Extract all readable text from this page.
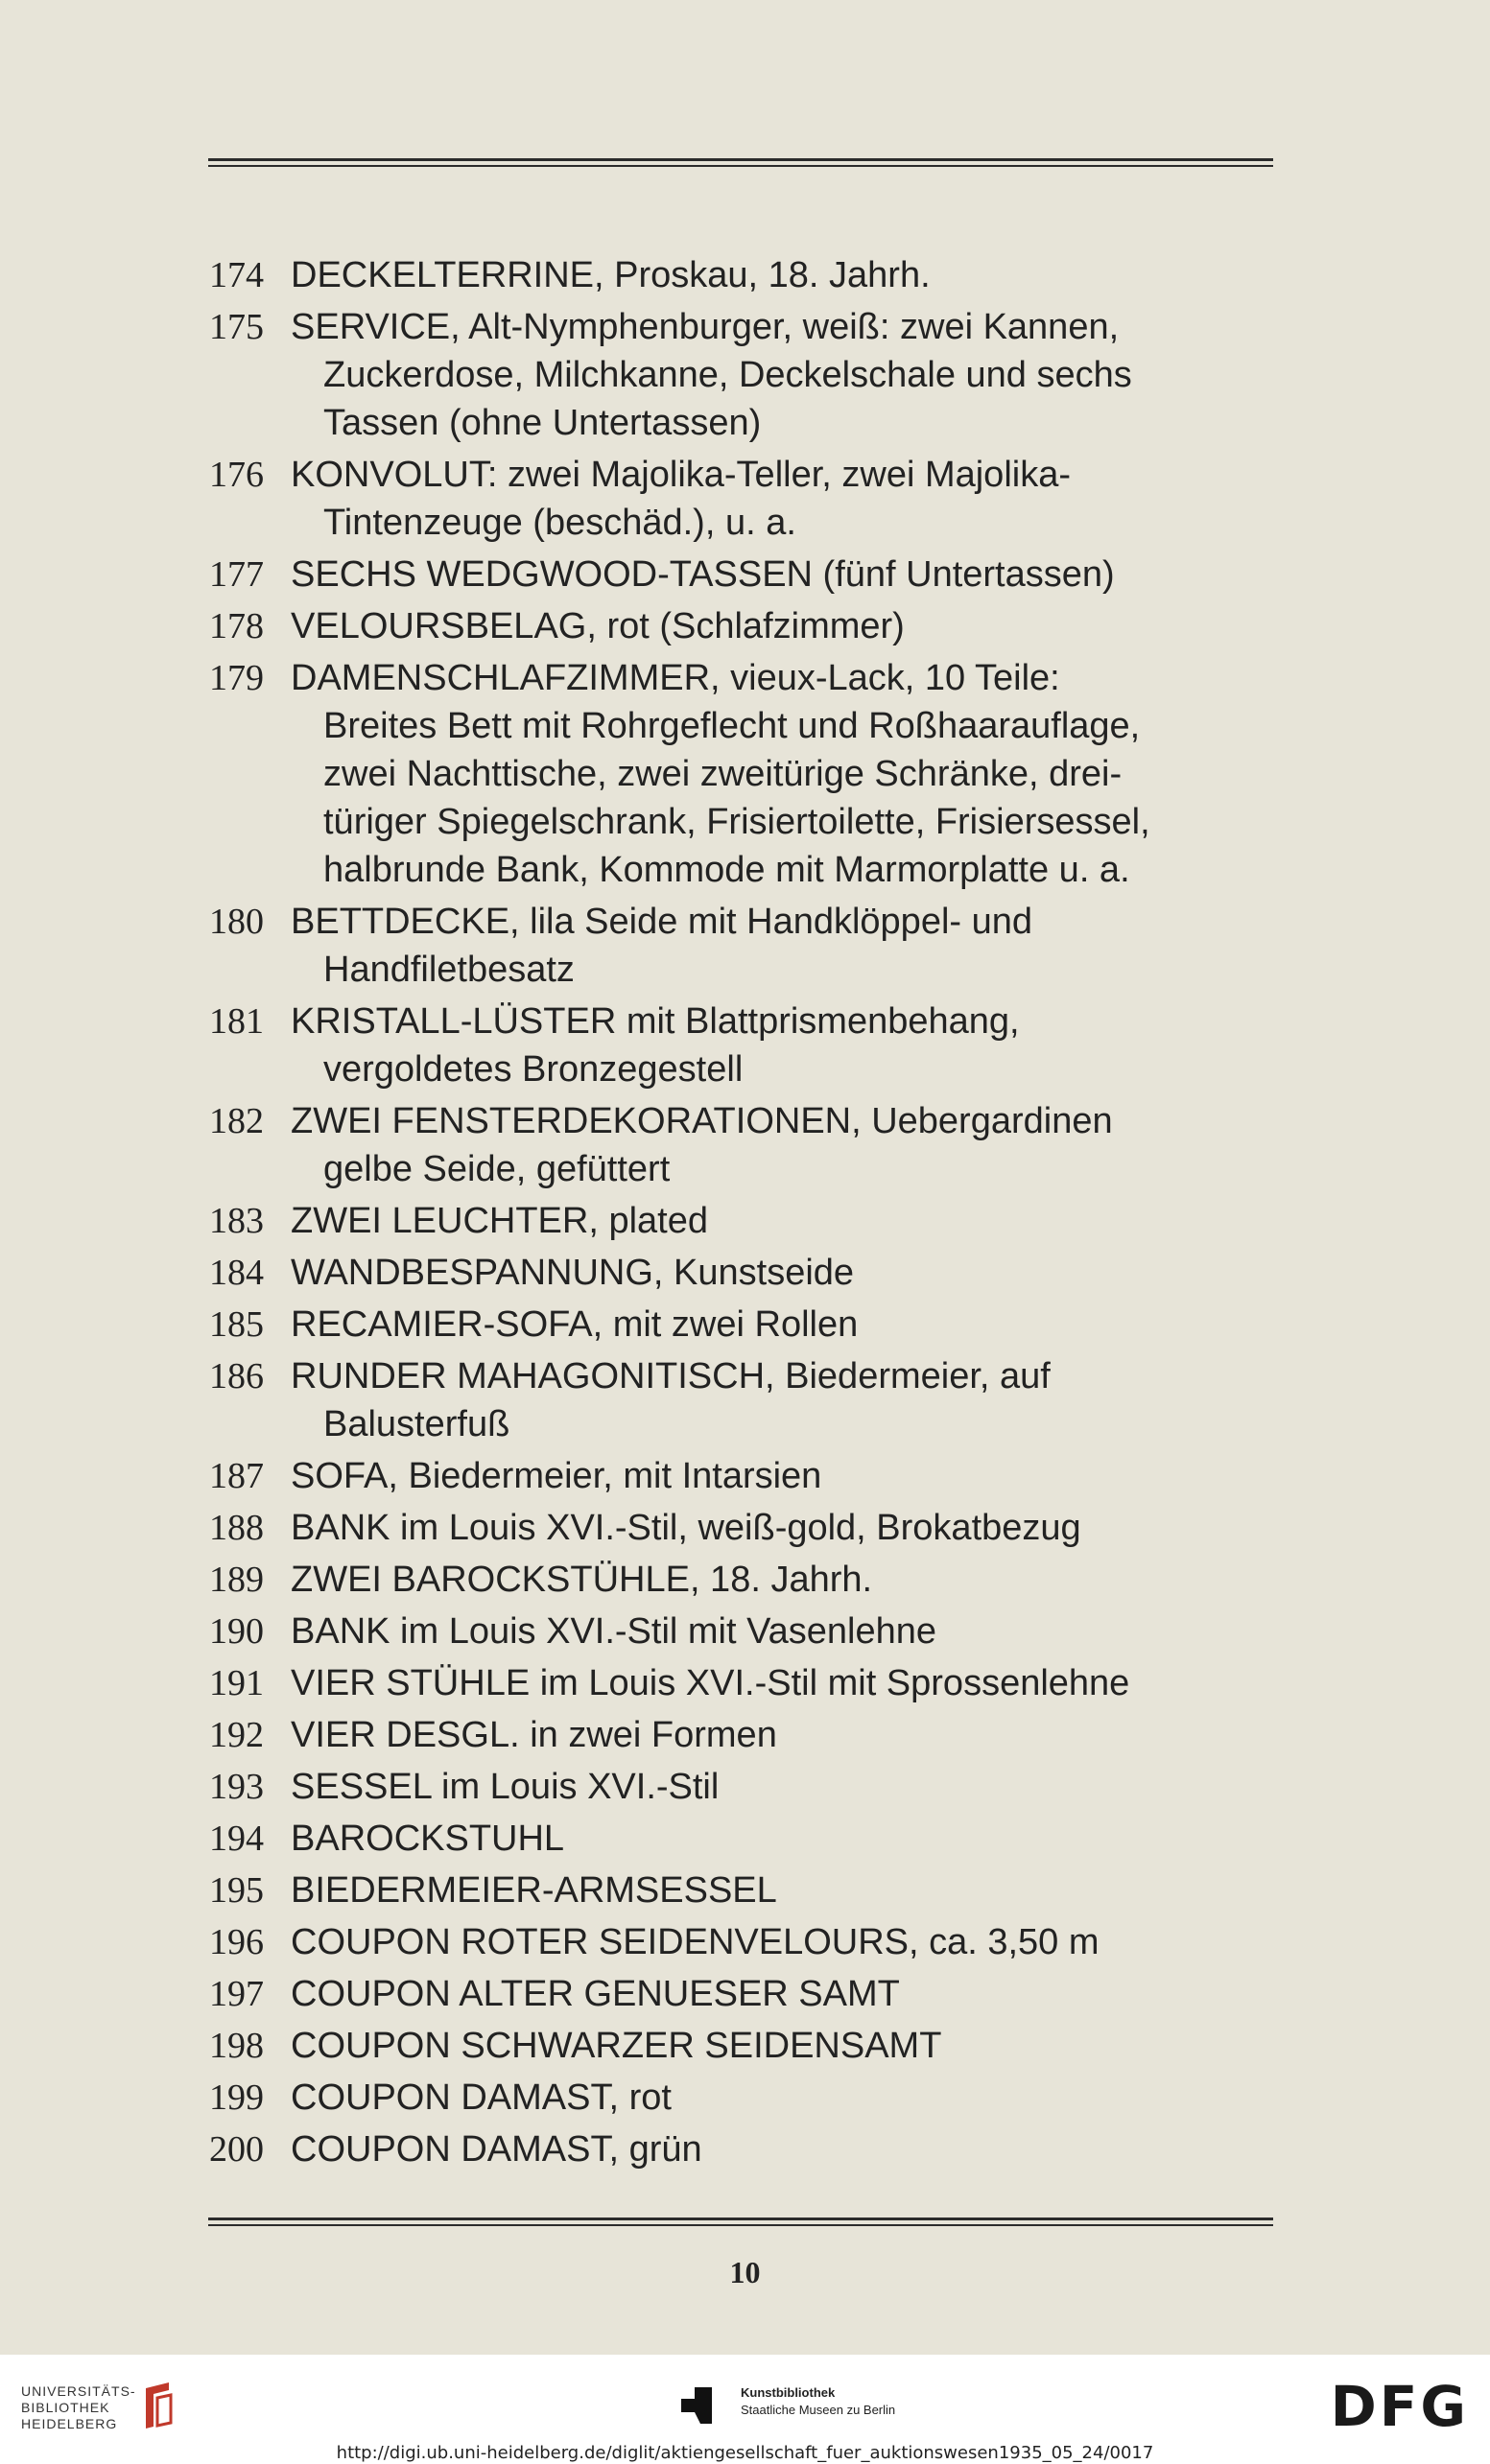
174 DECKELTERRINE, Proskau, 18. Jahrh.
175 SERVICE, Alt-Nymphenburger, weiß: zwei Kannen,
Zuckerdose, Milchkanne, Deckelschale und sechs
Tassen (ohne Untertassen)
176 KONVOLUT: zwei Majolika-Teller, zwei Majolika-
Tintenzeuge (beschäd.), u. a.
177 SECHS WEDGWOOD-TASSEN (fünf Untertassen)
178 VELOURSBELAG, rot (Schlafzimmer)
179 DAMENSCHLAFZIMMER, vieux-Lack, 10 Teile:
Breites Bett mit Rohrgeflecht und Roßhaarauflage,
zwei Nachttische, zwei zweitürige Schränke, drei-
türiger Spiegelschrank, Frisiertoilette, Frisiersessel,
halbrunde Bank, Kommode mit Marmorplatte u. a.
180 BETTDECKE, lila Seide mit Handklöppel- und
Handfiletbesatz
181 KRISTALL-LÜSTER mit Blattprismenbehang,
vergoldetes Bronzegestell
182 ZWEI FENSTERDEKORATIONEN, Uebergardinen
gelbe Seide, gefüttert
183 ZWEI LEUCHTER, plated
184 WANDBESPANNUNG, Kunstseide
185 RECAMIER-SOFA, mit zwei Rollen
186 RUNDER MAHAGONITISCH, Biedermeier, auf
Balusterfuß
187 SOFA, Biedermeier, mit Intarsien
188 BANK im Louis XVI.-Stil, weiß-gold, Brokatbezug
189 ZWEI BAROCKSTÜHLE, 18. Jahrh.
190 BANK im Louis XVI.-Stil mit Vasenlehne
191 VIER STÜHLE im Louis XVI.-Stil mit Sprossenlehne
192 VIER DESGL. in zwei Formen
193 SESSEL im Louis XVI.-Stil
194 BAROCKSTUHL
195 BIEDERMEIER-ARMSESSEL
196 COUPON ROTER SEIDENVELOURS, ca. 3,50 m
197 COUPON ALTER GENUESER SAMT
198 COUPON SCHWARZER SEIDENSAMT
199 COUPON DAMAST, rot
200 COUPON DAMAST, grün
10
UNIVERSITÄTS-
BIBLIOTHEK
HEIDELBERG
Kunstbibliothek
Staatliche Museen zu Berlin	DFG
http://digi.ub.uni-heidelberg.de/diglit/aktiengesellschaft_fuer_auktionswesen1935_05_24/0017
